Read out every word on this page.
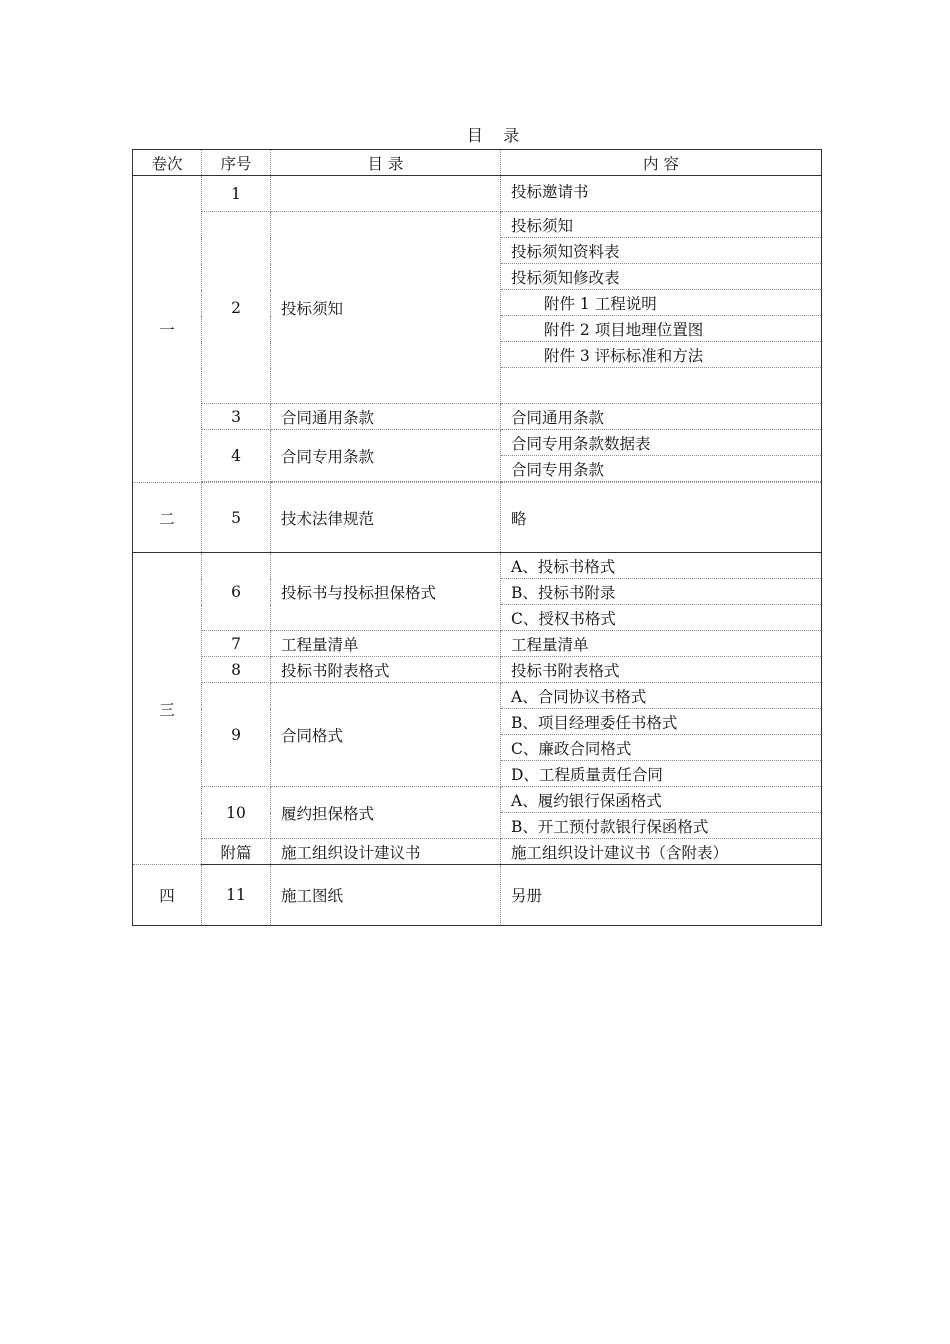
目    录
卷次	序号	目 录	内 容
一	1		投标邀请书
	2	投标须知	投标须知
			投标须知资料表
			投标须知修改表
			附件 1 工程说明
			附件 2 项目地理位置图
			附件 3 评标标准和方法

	3	合同通用条款	合同通用条款
	4	合同专用条款	合同专用条款数据表
			合同专用条款

二	5	技术法律规范	略
三	6	投标书与投标担保格式	A、投标书格式
			B、投标书附录
			C、授权书格式
	7	工程量清单	工程量清单
	8	投标书附表格式	投标书附表格式
	9	合同格式	A、合同协议书格式
			B、项目经理委任书格式
			C、廉政合同格式
			D、工程质量责任合同
	10	履约担保格式	A、履约银行保函格式
			B、开工预付款银行保函格式
	附篇	施工组织设计建议书	施工组织设计建议书（含附表）
四	11	施工图纸	另册
